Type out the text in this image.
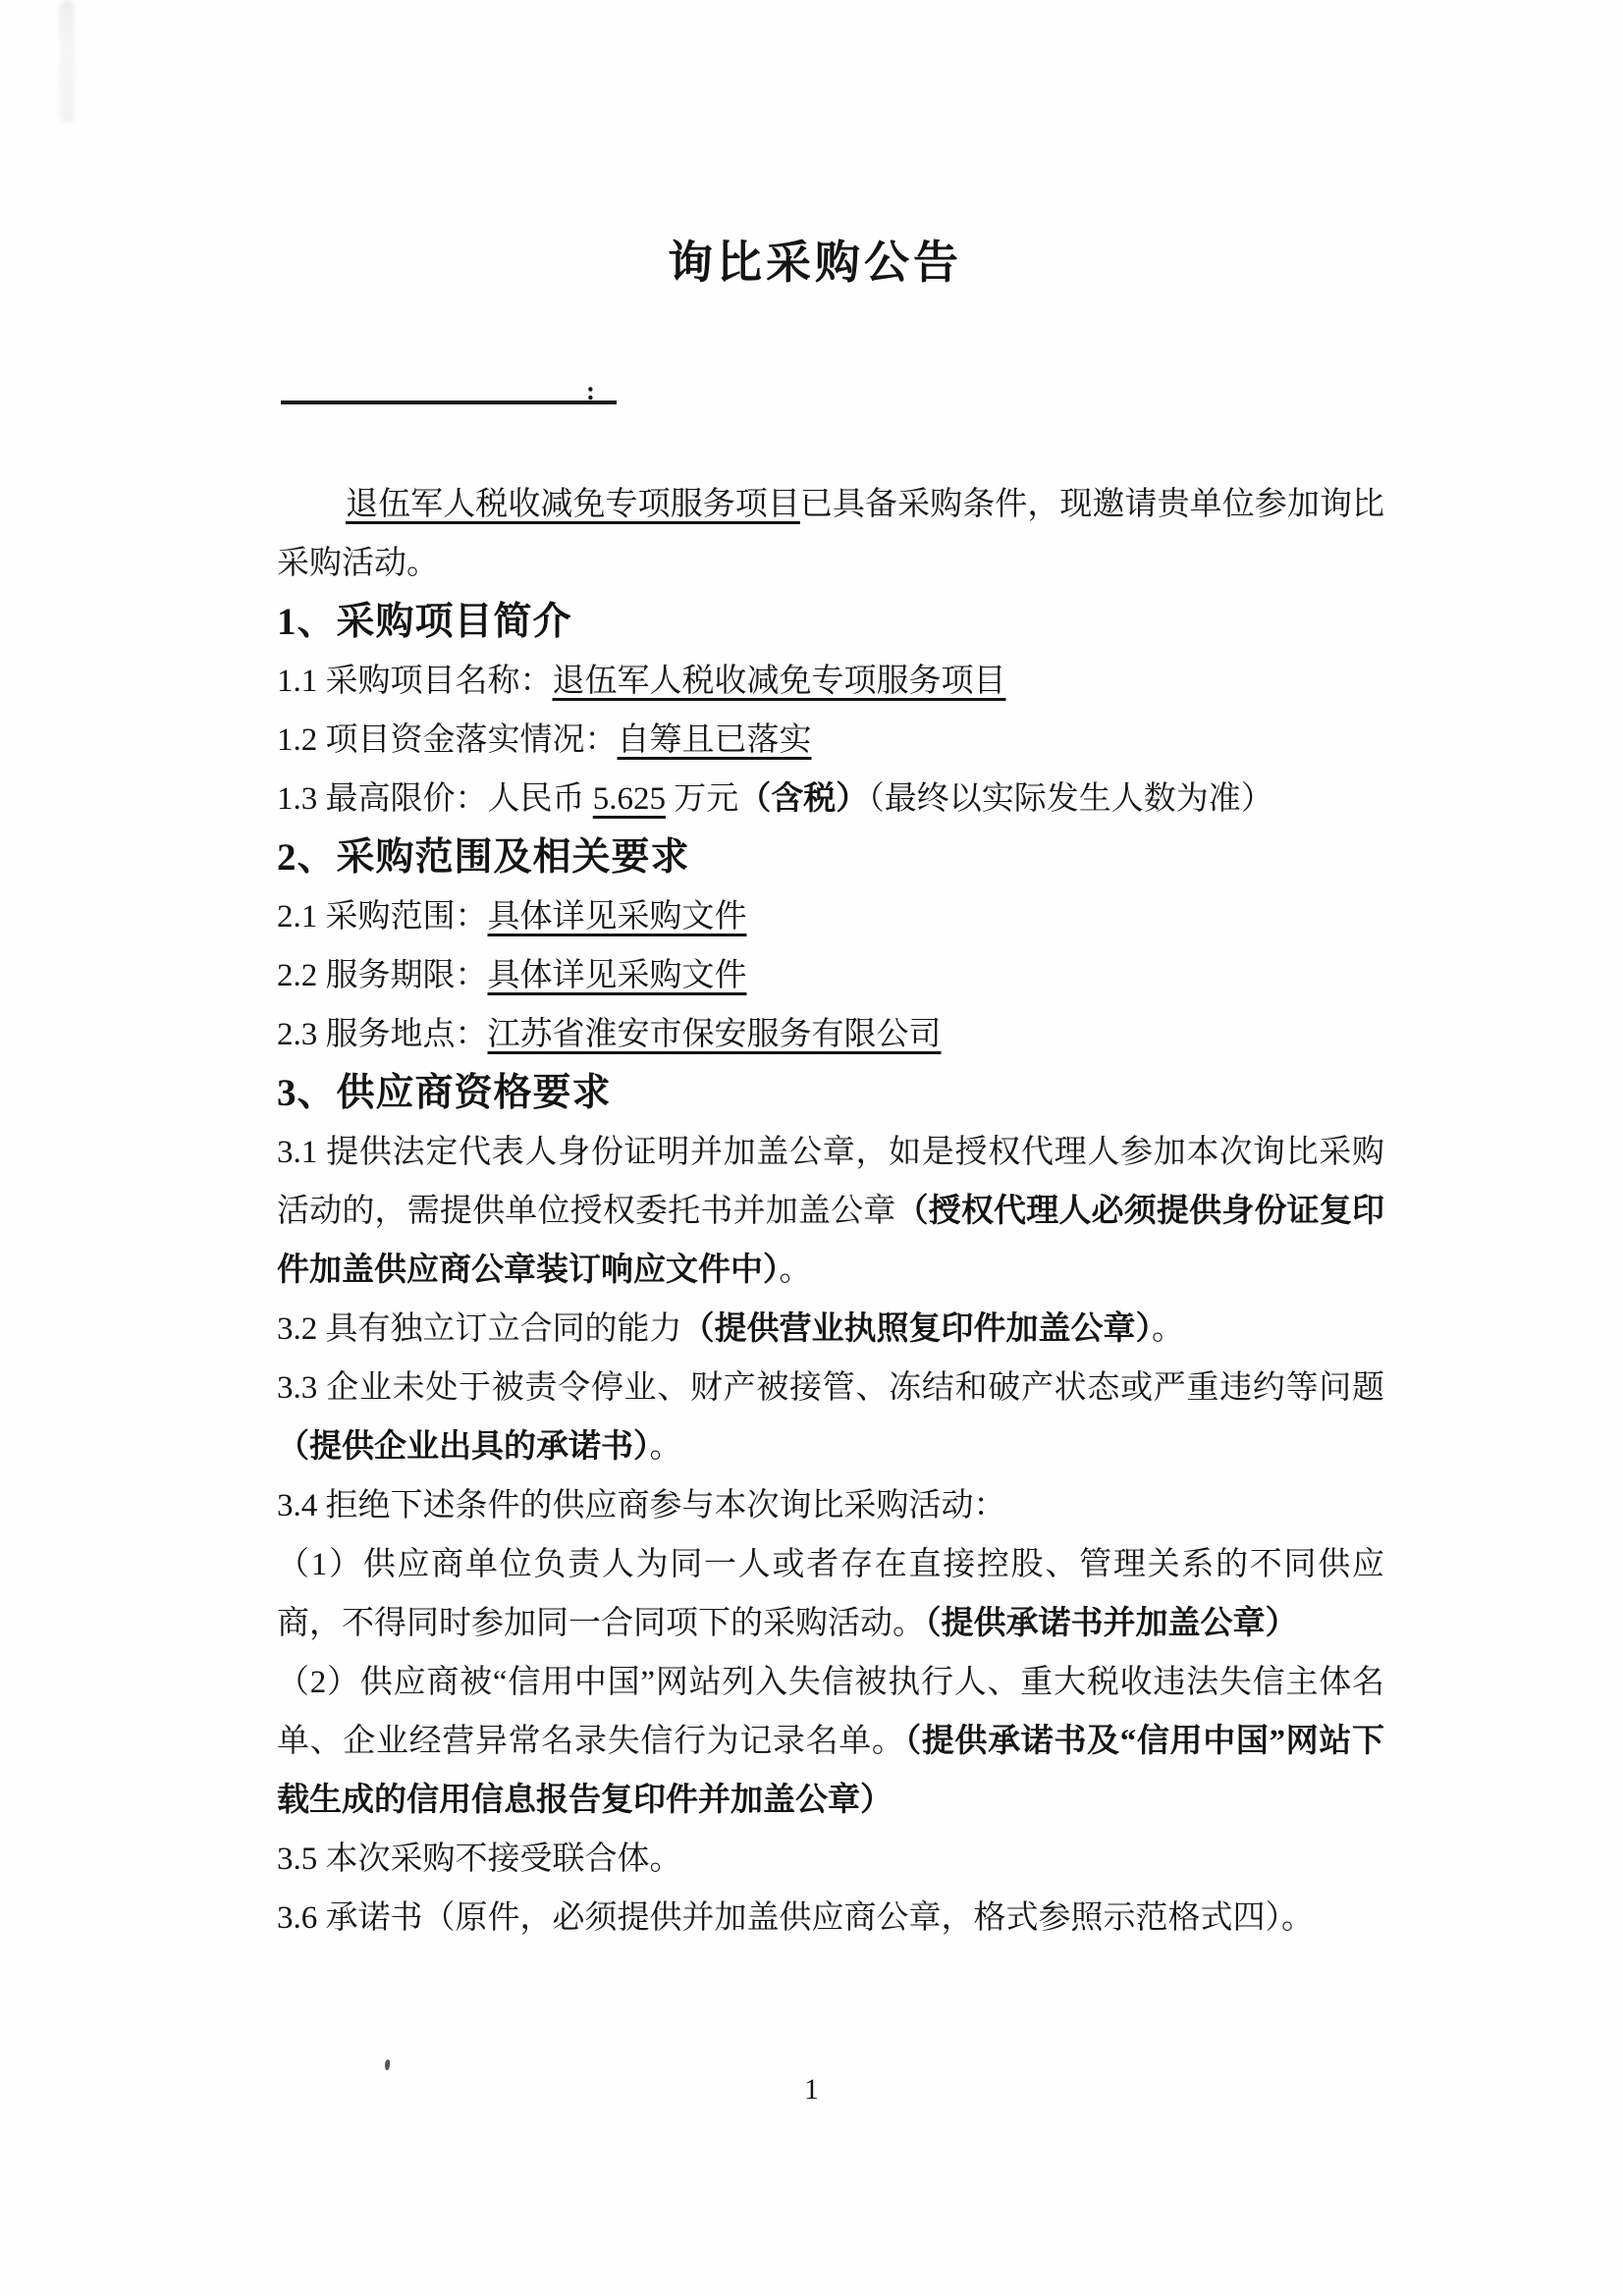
询比采购公告
:
退伍军人税收减免专项服务项目已具备采购条件，现邀请贵单位参加询比采购活动。
1、采购项目简介
1.1 采购项目名称：退伍军人税收减免专项服务项目
1.2 项目资金落实情况：自筹且已落实
1.3 最高限价：人民币 5.625 万元（含税）（最终以实际发生人数为准）
2、采购范围及相关要求
2.1 采购范围：具体详见采购文件
2.2 服务期限：具体详见采购文件
2.3 服务地点：江苏省淮安市保安服务有限公司
3、供应商资格要求
3.1 提供法定代表人身份证明并加盖公章，如是授权代理人参加本次询比采购活动的，需提供单位授权委托书并加盖公章（授权代理人必须提供身份证复印件加盖供应商公章装订响应文件中）。
3.2 具有独立订立合同的能力（提供营业执照复印件加盖公章）。
3.3 企业未处于被责令停业、财产被接管、冻结和破产状态或严重违约等问题（提供企业出具的承诺书）。
3.4 拒绝下述条件的供应商参与本次询比采购活动：
（1）供应商单位负责人为同一人或者存在直接控股、管理关系的不同供应商，不得同时参加同一合同项下的采购活动。（提供承诺书并加盖公章）
（2）供应商被“信用中国”网站列入失信被执行人、重大税收违法失信主体名单、企业经营异常名录失信行为记录名单。（提供承诺书及“信用中国”网站下载生成的信用信息报告复印件并加盖公章）
3.5 本次采购不接受联合体。
3.6 承诺书（原件，必须提供并加盖供应商公章，格式参照示范格式四）。
1
